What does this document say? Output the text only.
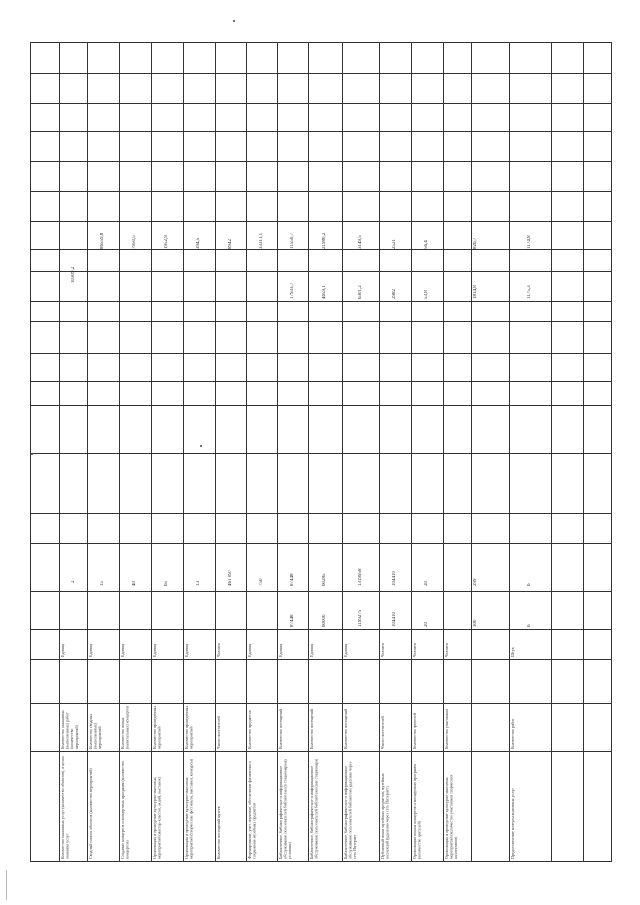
Количество оказанных услуг (количество объектов), в целях оказания услуг
Количество оказанных (выполненных) работ (количество мероприятий)
Единиц
2
10309,2
Сводный список объектов (количество мероприятий)
Количество сводных (выполненных) мероприятий
Единиц
15
86559,8
Создание концертов и концертных программ (количество концертов)
Количество новых (капитальных) концертов
Единиц
40
7950,5
Организация и проведение культурно-массовых мероприятий (мастер-классов, акций, выставок)
Количество проведенных мероприятий
Единиц
65
1952,9
Организация и проведение культурно-массовых мероприятий (творческие фестивали, выставки, конкурсы)
Количество проведенных мероприятий
Единиц
13
394,5
Количество посещений музеев
Число посетителей
Человек
461 097
8942
Формирование, учет, изучение, обеспечение физического сохранения музейных предметов
Количество предметов
Единиц
750
33311,1
Библиотечное, библиографическое и информационное обслуживание пользователей библиотеки (в стационарных условиях)
Количество посещений
Единиц
87448
87448
17933,7
11550,7
Библиотечное, библиографическое и информационное обслуживание пользователей библиотеки (вне стационара)
Количество посещений
Единиц
60000
60285
4659,1
21980,2
Библиотечное, библиографическое и информационное обслуживание пользователей библиотеки удаленно через сеть Интернет
Количество посещений
Единиц
1199275
1319958
6301,2
3149,5
Публичный показ музейных предметов, музейных коллекций (удаленно через сеть Интернет)
Число посетителей
Человек
104410
104410
2982
2521
Организация показа концертов и концертных программ (количество зрителей)
Количество зрителей
Человек
20
20
53,8
56,4
Организация и проведение культурно-массовых мероприятий (количество участников творческих коллективов)
Количество участников
Человек
300
299
1814,8
826,7
Предоставление консультационных услуг
Количество работ
Штук
6
6
1175,3
1174,8
